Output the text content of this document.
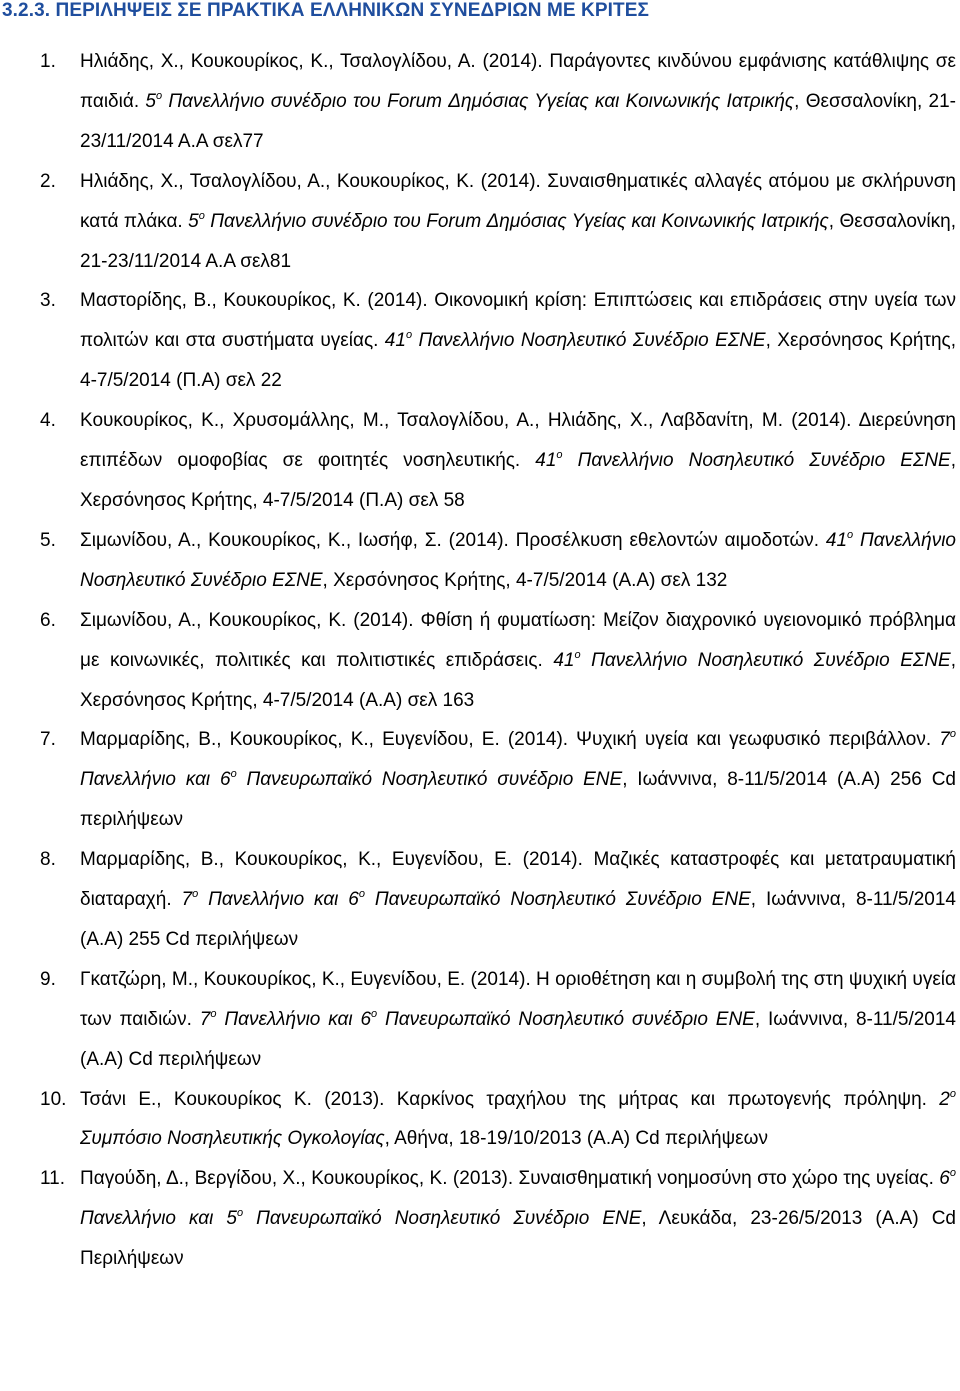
3.2.3. ΠΕΡΙΛΗΨΕΙΣ ΣΕ ΠΡΑΚΤΙΚΑ ΕΛΛΗΝΙΚΩΝ ΣΥΝΕΔΡΙΩΝ ΜΕ ΚΡΙΤΕΣ
1. Ηλιάδης, Χ., Κουκουρίκος, Κ., Τσαλογλίδου, Α. (2014). Παράγοντες κινδύνου εμφάνισης κατάθλιψης σε παιδιά. $5^o$ Πανελλήνιο συνέδριο του Forum Δημόσιας Υγείας και Κοινωνικής Ιατρικής, Θεσσαλονίκη, 21-23/11/2014 Α.Α σελ77
2. Ηλιάδης, Χ., Τσαλογλίδου, Α., Κουκουρίκος, Κ. (2014). Συναισθηματικές αλλαγές ατόμου με σκλήρυνση κατά πλάκα. $5^o$ Πανελλήνιο συνέδριο του Forum Δημόσιας Υγείας και Κοινωνικής Ιατρικής, Θεσσαλονίκη, 21-23/11/2014 Α.Α σελ81
3. Μαστορίδης, Β., Κουκουρίκος, Κ. (2014). Οικονομική κρίση: Επιπτώσεις και επιδράσεις στην υγεία των πολιτών και στα συστήματα υγείας. $41^o$ Πανελλήνιο Νοσηλευτικό Συνέδριο ΕΣΝΕ, Χερσόνησος Κρήτης, 4-7/5/2014 (Π.Α) σελ 22
4. Κουκουρίκος, Κ., Χρυσομάλλης, Μ., Τσαλογλίδου, Α., Ηλιάδης, Χ., Λαβδανίτη, Μ. (2014). Διερεύνηση επιπέδων ομοφοβίας σε φοιτητές νοσηλευτικής. $41^o$ Πανελλήνιο Νοσηλευτικό Συνέδριο ΕΣΝΕ, Χερσόνησος Κρήτης, 4-7/5/2014 (Π.Α) σελ 58
5. Σιμωνίδου, Α., Κουκουρίκος, Κ., Ιωσήφ, Σ. (2014). Προσέλκυση εθελοντών αιμοδοτών. $41^o$ Πανελλήνιο Νοσηλευτικό Συνέδριο ΕΣΝΕ, Χερσόνησος Κρήτης, 4-7/5/2014 (Α.Α) σελ 132
6. Σιμωνίδου, Α., Κουκουρίκος, Κ. (2014). Φθίση ή φυματίωση: Μείζον διαχρονικό υγειονομικό πρόβλημα με κοινωνικές, πολιτικές και πολιτιστικές επιδράσεις. $41^o$ Πανελλήνιο Νοσηλευτικό Συνέδριο ΕΣΝΕ, Χερσόνησος Κρήτης, 4-7/5/2014 (Α.Α) σελ 163
7. Μαρμαρίδης, Β., Κουκουρίκος, Κ., Ευγενίδου, Ε. (2014). Ψυχική υγεία και γεωφυσικό περιβάλλον. $7^o$ Πανελλήνιο και $6^o$ Πανευρωπαϊκό Νοσηλευτικό συνέδριο ΕΝΕ, Ιωάννινα, 8-11/5/2014 (Α.Α) 256 Cd περιλήψεων
8. Μαρμαρίδης, Β., Κουκουρίκος, Κ., Ευγενίδου, Ε. (2014). Μαζικές καταστροφές και μετατραυματική διαταραχή. $7^o$ Πανελλήνιο και $6^o$ Πανευρωπαϊκό Νοσηλευτικό Συνέδριο ΕΝΕ, Ιωάννινα, 8-11/5/2014 (Α.Α) 255 Cd περιλήψεων
9. Γκατζώρη, Μ., Κουκουρίκος, Κ., Ευγενίδου, Ε. (2014). Η οριοθέτηση και η συμβολή της στη ψυχική υγεία των παιδιών. $7^o$ Πανελλήνιο και $6^o$ Πανευρωπαϊκό Νοσηλευτικό συνέδριο ΕΝΕ, Ιωάννινα, 8-11/5/2014 (Α.Α) Cd περιλήψεων
10. Τσάνι Ε., Κουκουρίκος Κ. (2013). Καρκίνος τραχήλου της μήτρας και πρωτογενής πρόληψη. $2^o$ Συμπόσιο Νοσηλευτικής Ογκολογίας, Αθήνα, 18-19/10/2013 (Α.Α) Cd περιλήψεων
11. Παγούδη, Δ., Βεργίδου, Χ., Κουκουρίκος, Κ. (2013). Συναισθηματική νοημοσύνη στο χώρο της υγείας. $6^o$ Πανελλήνιο και $5^o$ Πανευρωπαϊκό Νοσηλευτικό Συνέδριο ΕΝΕ, Λευκάδα, 23-26/5/2013 (Α.Α) Cd Περιλήψεων
